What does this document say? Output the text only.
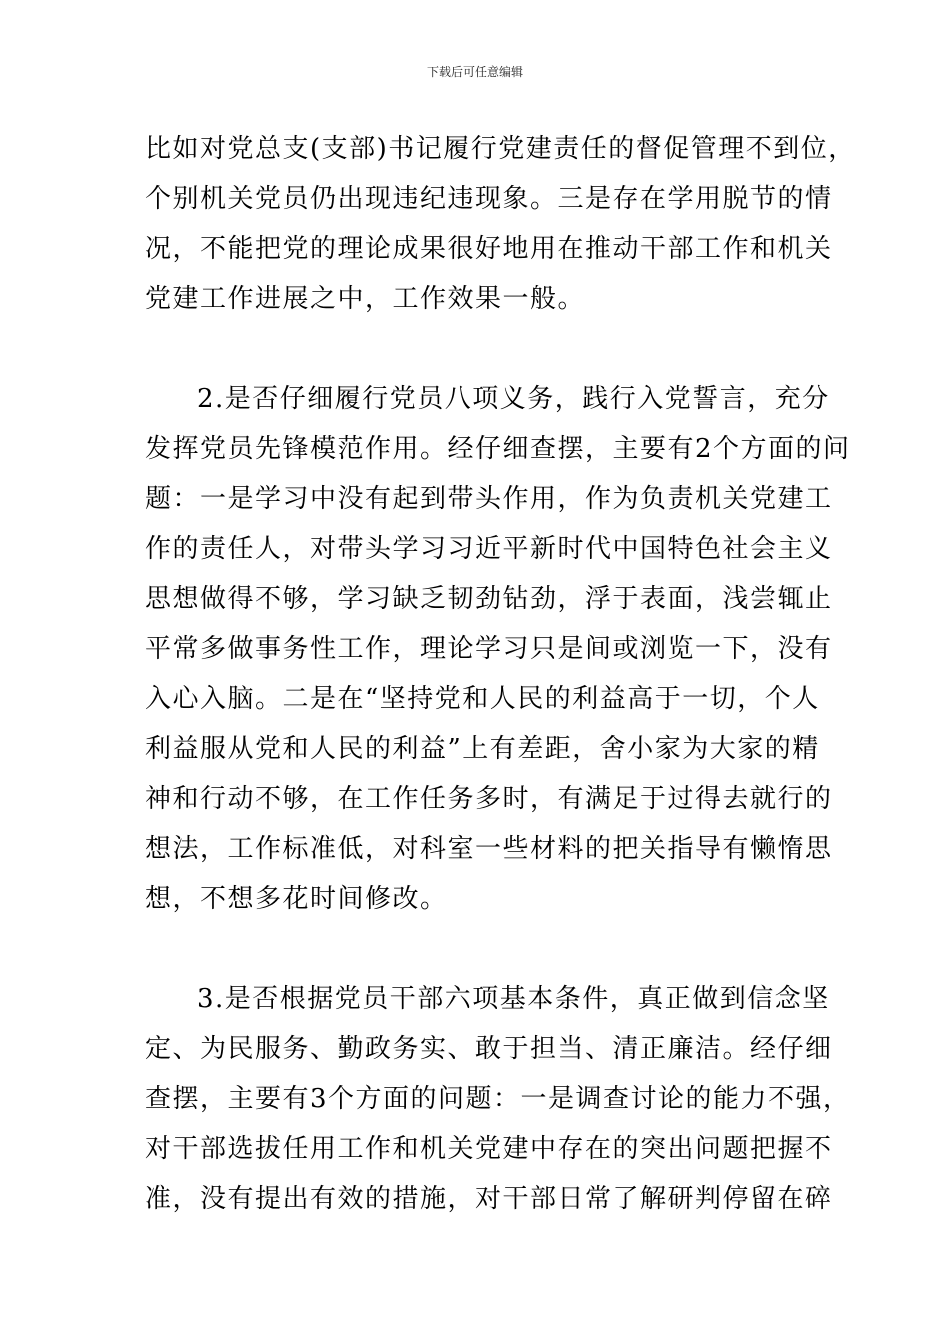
下载后可任意编辑
比如对党总支(支部)书记履行党建责任的督促管理不到位，
个别机关党员仍出现违纪违现象。三是存在学用脱节的情
况，不能把党的理论成果很好地用在推动干部工作和机关
党建工作进展之中，工作效果一般。
2.是否仔细履行党员八项义务，践行入党誓言，充分
发挥党员先锋模范作用。经仔细查摆，主要有2个方面的问
题：一是学习中没有起到带头作用，作为负责机关党建工
作的责任人，对带头学习习近平新时代中国特色社会主义
思想做得不够，学习缺乏韧劲钻劲，浮于表面，浅尝辄止
平常多做事务性工作，理论学习只是间或浏览一下，没有
入心入脑。二是在“坚持党和人民的利益高于一切，个人
利益服从党和人民的利益”上有差距，舍小家为大家的精
神和行动不够，在工作任务多时，有满足于过得去就行的
想法，工作标准低，对科室一些材料的把关指导有懒惰思
想，不想多花时间修改。
3.是否根据党员干部六项基本条件，真正做到信念坚
定、为民服务、勤政务实、敢于担当、清正廉洁。经仔细
查摆，主要有3个方面的问题：一是调查讨论的能力不强，
对干部选拔任用工作和机关党建中存在的突出问题把握不
准，没有提出有效的措施，对干部日常了解研判停留在碎
